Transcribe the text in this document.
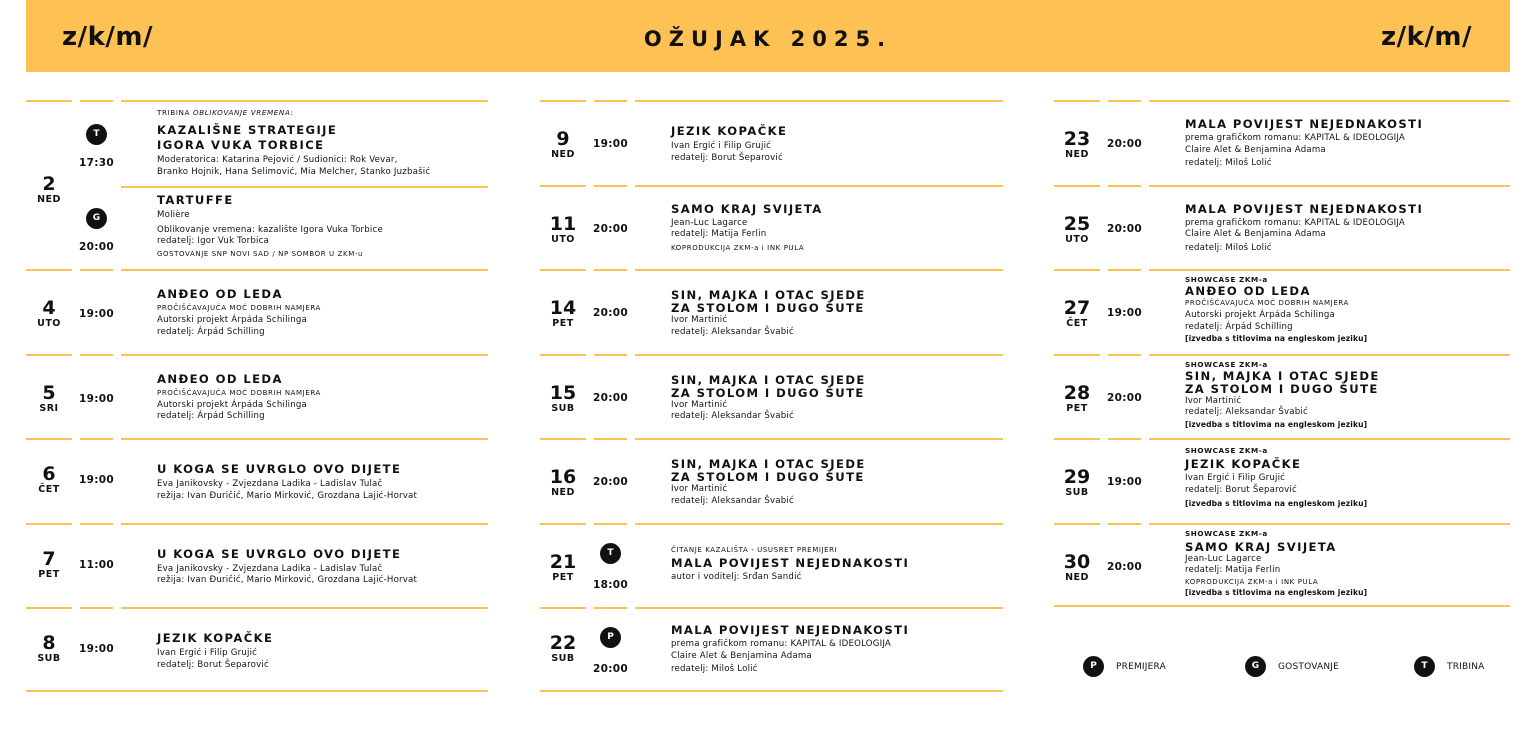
z/k/m/	OŽUJAK 2025.	z/k/m/
2
NED
T
17:30
TRIBINA OBLIKOVANJE VREMENA:
KAZALIŠNE STRATEGIJE
IGORA VUKA TORBICE
Moderatorica: Katarina Pejović / Sudionici: Rok Vevar,
Branko Hojnik, Hana Selimović, Mia Melcher, Stanko Juzbašić
G
20:00
TARTUFFE
Molière
Oblikovanje vremena: kazalište Igora Vuka Torbice
redatelj: Igor Vuk Torbica
GOSTOVANJE SNP NOVI SAD / NP SOMBOR U ZKM-u
4
UTO
19:00
ANĐEO OD LEDA
PROČIŠĆAVAJUĆA MOĆ DOBRIH NAMJERA
Autorski projekt Árpáda Schilinga
redatelj: Árpád Schilling
5
SRI
19:00
ANĐEO OD LEDA
PROČIŠĆAVAJUĆA MOĆ DOBRIH NAMJERA
Autorski projekt Árpáda Schilinga
redatelj: Árpád Schilling
6
ČET
19:00
U KOGA SE UVRGLO OVO DIJETE
Eva Janikovsky - Zvjezdana Ladika - Ladislav Tulač
režija: Ivan Đuričić, Mario Mirković, Grozdana Lajić-Horvat
7
PET
11:00
U KOGA SE UVRGLO OVO DIJETE
Eva Janikovsky - Zvjezdana Ladika - Ladislav Tulač
režija: Ivan Đuričić, Mario Mirković, Grozdana Lajić-Horvat
8
SUB
19:00
JEZIK KOPAČKE
Ivan Ergić i Filip Grujić
redatelj: Borut Šeparović
9
NED
19:00
JEZIK KOPAČKE
Ivan Ergić i Filip Grujić
redatelj: Borut Šeparović
11
UTO
20:00
SAMO KRAJ SVIJETA
Jean-Luc Lagarce
redatelj: Matija Ferlin
KOPRODUKCIJA ZKM-a i INK PULA
14
PET
20:00
SIN, MAJKA I OTAC SJEDE
ZA STOLOM I DUGO ŠUTE
Ivor Martinić
redatelj: Aleksandar Švabić
15
SUB
20:00
SIN, MAJKA I OTAC SJEDE
ZA STOLOM I DUGO ŠUTE
Ivor Martinić
redatelj: Aleksandar Švabić
16
NED
20:00
SIN, MAJKA I OTAC SJEDE
ZA STOLOM I DUGO ŠUTE
Ivor Martinić
redatelj: Aleksandar Švabić
21
PET
T
18:00
ČITANJE KAZALIŠTA - USUSRET PREMIJERI
MALA POVIJEST NEJEDNAKOSTI
autor i voditelj: Srđan Sandić
22
SUB
P
20:00
MALA POVIJEST NEJEDNAKOSTI
prema grafičkom romanu: KAPITAL & IDEOLOGIJA
Claire Alet & Benjamina Adama
redatelj: Miloš Lolić
23
NED
20:00
MALA POVIJEST NEJEDNAKOSTI
prema grafičkom romanu: KAPITAL & IDEOLOGIJA
Claire Alet & Benjamina Adama
redatelj: Miloš Lolić
25
UTO
20:00
MALA POVIJEST NEJEDNAKOSTI
prema grafičkom romanu: KAPITAL & IDEOLOGIJA
Claire Alet & Benjamina Adama
redatelj: Miloš Lolić
27
ČET
19:00
SHOWCASE ZKM-a
ANĐEO OD LEDA
PROČIŠĆAVAJUĆA MOĆ DOBRIH NAMJERA
Autorski projekt Árpáda Schilinga
redatelj: Árpád Schilling
[izvedba s titlovima na engleskom jeziku]
28
PET
20:00
SHOWCASE ZKM-a
SIN, MAJKA I OTAC SJEDE
ZA STOLOM I DUGO ŠUTE
Ivor Martinić
redatelj: Aleksandar Švabić
[izvedba s titlovima na engleskom jeziku]
29
SUB
19:00
SHOWCASE ZKM-a
JEZIK KOPAČKE
Ivan Ergić i Filip Grujić
redatelj: Borut Šeparović
[izvedba s titlovima na engleskom jeziku]
30
NED
20:00
SHOWCASE ZKM-a
SAMO KRAJ SVIJETA
Jean-Luc Lagarce
redatelj: Matija Ferlin
KOPRODUKCIJA ZKM-a i INK PULA
[izvedba s titlovima na engleskom jeziku]
P PREMIJERA	G GOSTOVANJE	T TRIBINA
